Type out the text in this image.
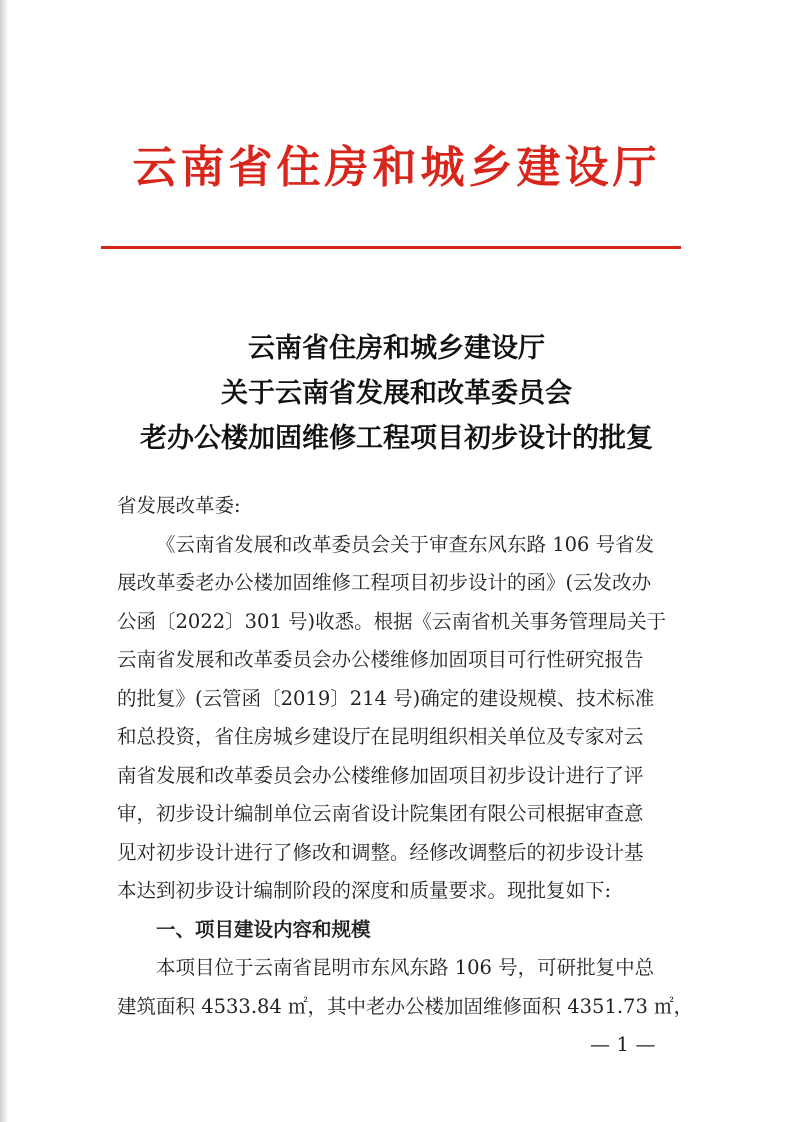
云南省住房和城乡建设厅
云南省住房和城乡建设厅
关于云南省发展和改革委员会
老办公楼加固维修工程项目初步设计的批复
省发展改革委:
《云南省发展和改革委员会关于审查东风东路 106 号省发
展改革委老办公楼加固维修工程项目初步设计的函》(云发改办
公函〔2022〕301 号)收悉。根据《云南省机关事务管理局关于
云南省发展和改革委员会办公楼维修加固项目可行性研究报告
的批复》(云管函〔2019〕214 号)确定的建设规模、技术标准
和总投资，省住房城乡建设厅在昆明组织相关单位及专家对云
南省发展和改革委员会办公楼维修加固项目初步设计进行了评
审，初步设计编制单位云南省设计院集团有限公司根据审查意
见对初步设计进行了修改和调整。经修改调整后的初步设计基
本达到初步设计编制阶段的深度和质量要求。现批复如下:
一、项目建设内容和规模
本项目位于云南省昆明市东风东路 106 号，可研批复中总
建筑面积 4533.84 ㎡，其中老办公楼加固维修面积 4351.73 ㎡，
— 1 —
